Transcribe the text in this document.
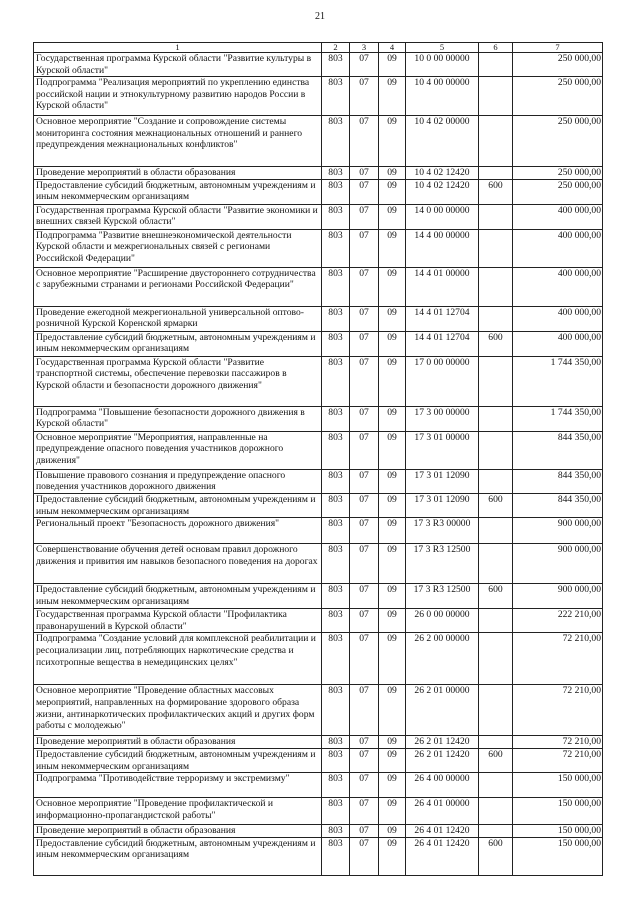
21
1	2	3	4	5	6	7
Государственная программа Курской области "Развитие культуры в Курской области"	803	07	09	10 0 00 00000		250 000,00
Подпрограмма "Реализация мероприятий по укреплению единства российской нации и этнокультурному развитию народов России в Курской области"	803	07	09	10 4 00 00000		250 000,00
Основное мероприятие "Создание и сопровождение системы мониторинга состояния межнациональных отношений и раннего предупреждения межнациональных конфликтов"	803	07	09	10 4 02 00000		250 000,00
Проведение мероприятий в области образования	803	07	09	10 4 02 12420		250 000,00
Предоставление субсидий бюджетным, автономным учреждениям и иным некоммерческим организациям	803	07	09	10 4 02 12420	600	250 000,00
Государственная программа Курской области "Развитие экономики и внешних связей Курской области"	803	07	09	14 0 00 00000		400 000,00
Подпрограмма "Развитие внешнеэкономической деятельности Курской области и межрегиональных связей с регионами Российской Федерации"	803	07	09	14 4 00 00000		400 000,00
Основное мероприятие "Расширение двустороннего сотрудничества с зарубежными странами и регионами Российской Федерации"	803	07	09	14 4 01 00000		400 000,00
Проведение ежегодной межрегиональной универсальной оптово-розничной Курской Коренской ярмарки	803	07	09	14 4 01 12704		400 000,00
Предоставление субсидий бюджетным, автономным учреждениям и иным некоммерческим организациям	803	07	09	14 4 01 12704	600	400 000,00
Государственная программа Курской области "Развитие транспортной системы, обеспечение перевозки пассажиров в Курской области и безопасности дорожного движения"	803	07	09	17 0 00 00000		1 744 350,00
Подпрограмма "Повышение безопасности дорожного движения в Курской области"	803	07	09	17 3 00 00000		1 744 350,00
Основное мероприятие "Мероприятия, направленные на предупреждение опасного поведения участников дорожного движения"	803	07	09	17 3 01 00000		844 350,00
Повышение правового сознания и предупреждение опасного поведения участников дорожного движения	803	07	09	17 3 01 12090		844 350,00
Предоставление субсидий бюджетным, автономным учреждениям и иным некоммерческим организациям	803	07	09	17 3 01 12090	600	844 350,00
Региональный проект "Безопасность дорожного движения"	803	07	09	17 3 R3 00000		900 000,00
Совершенствование обучения детей основам правил дорожного движения и привития им навыков безопасного поведения на дорогах	803	07	09	17 3 R3 12500		900 000,00
Предоставление субсидий бюджетным, автономным учреждениям и иным некоммерческим организациям	803	07	09	17 3 R3 12500	600	900 000,00
Государственная программа Курской области "Профилактика правонарушений в Курской области"	803	07	09	26 0 00 00000		222 210,00
Подпрограмма "Создание условий для комплексной реабилитации и ресоциализации лиц, потребляющих наркотические средства и психотропные вещества в немедицинских целях"	803	07	09	26 2 00 00000		72 210,00
Основное мероприятие "Проведение областных массовых мероприятий, направленных на формирование здорового образа жизни, антинаркотических профилактических акций и других форм работы с молодежью"	803	07	09	26 2 01 00000		72 210,00
Проведение мероприятий в области образования	803	07	09	26 2 01 12420		72 210,00
Предоставление субсидий бюджетным, автономным учреждениям и иным некоммерческим организациям	803	07	09	26 2 01 12420	600	72 210,00
Подпрограмма "Противодействие терроризму и экстремизму"	803	07	09	26 4 00 00000		150 000,00
Основное мероприятие "Проведение профилактической и информационно-пропагандистской работы"	803	07	09	26 4 01 00000		150 000,00
Проведение мероприятий в области образования	803	07	09	26 4 01 12420		150 000,00
Предоставление субсидий бюджетным, автономным учреждениям и иным некоммерческим организациям	803	07	09	26 4 01 12420	600	150 000,00
